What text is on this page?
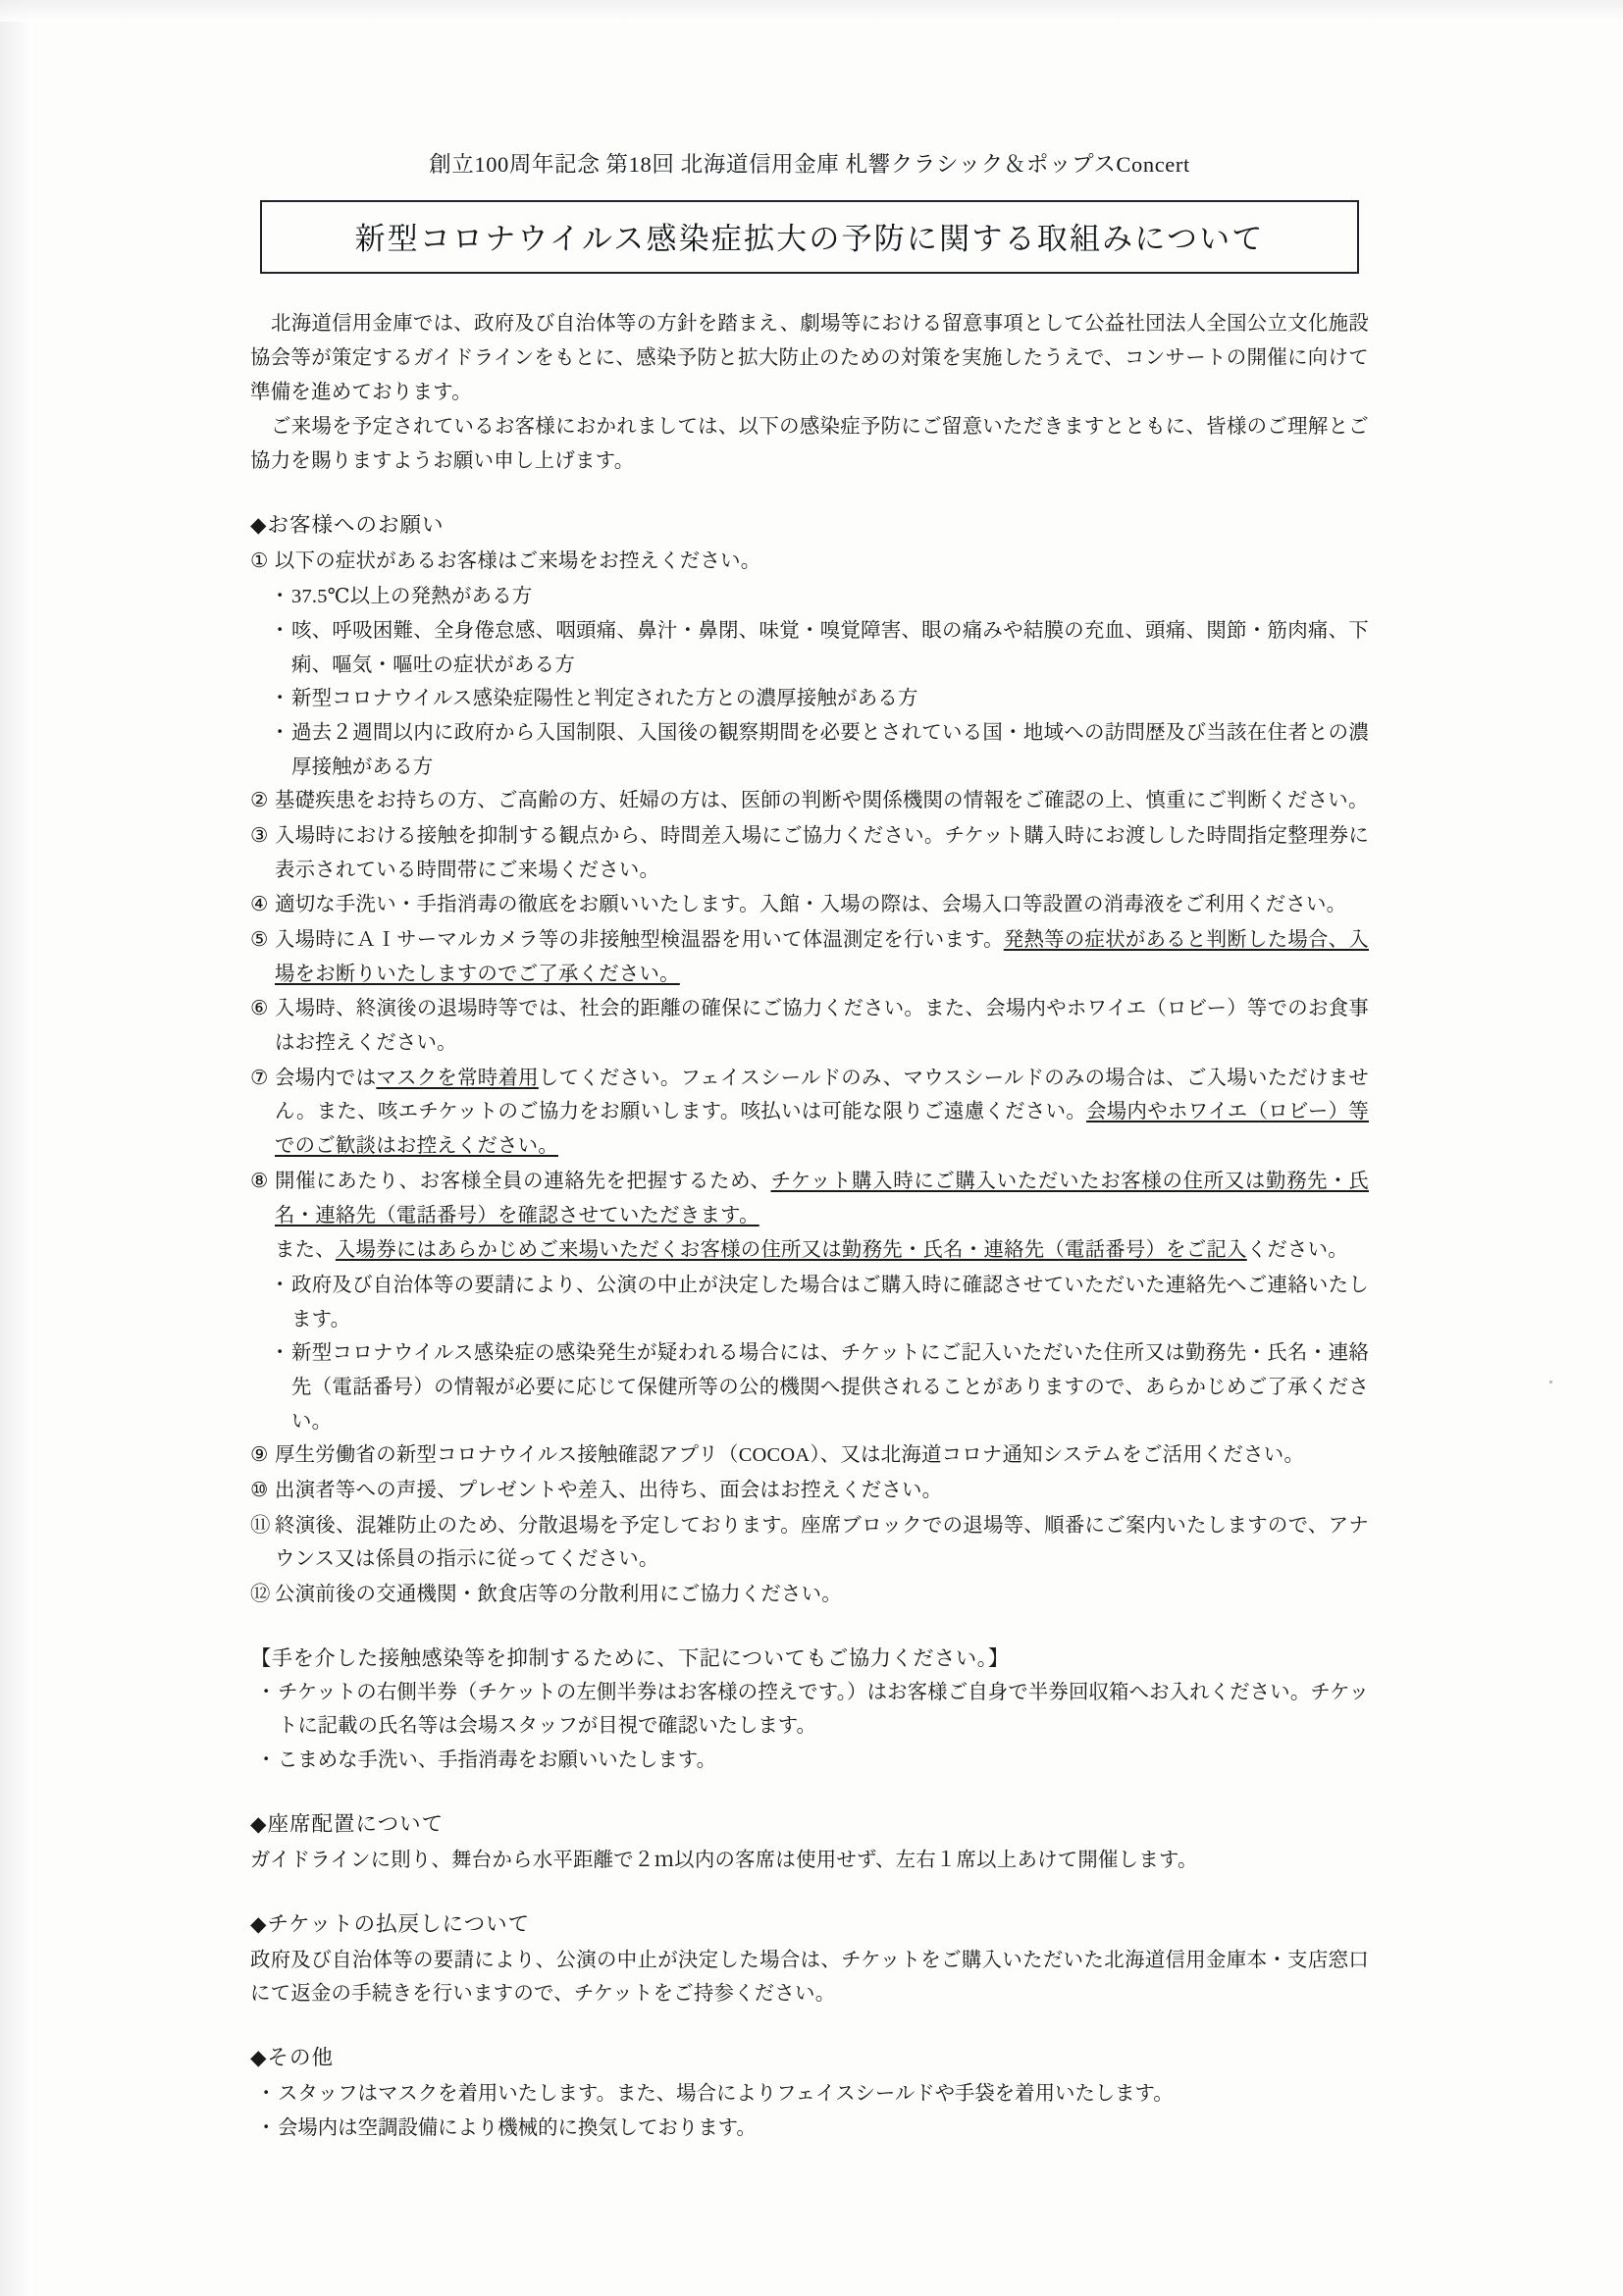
創立100周年記念 第18回 北海道信用金庫 札響クラシック＆ポップスConcert
新型コロナウイルス感染症拡大の予防に関する取組みについて

北海道信用金庫では、政府及び自治体等の方針を踏まえ、劇場等における留意事項として公益社団法人全国公立文化施設協会等が策定するガイドラインをもとに、感染予防と拡大防止のための対策を実施したうえで、コンサートの開催に向けて準備を進めております。

ご来場を予定されているお客様におかれましては、以下の感染症予防にご留意いただきますとともに、皆様のご理解とご協力を賜りますようお願い申し上げます。

◆お客様へのお願い
① 以下の症状があるお客様はご来場をお控えください。
・ 37.5℃以上の発熱がある方
・ 咳、呼吸困難、全身倦怠感、咽頭痛、鼻汁・鼻閉、味覚・嗅覚障害、眼の痛みや結膜の充血、頭痛、関節・筋肉痛、下痢、嘔気・嘔吐の症状がある方
・ 新型コロナウイルス感染症陽性と判定された方との濃厚接触がある方
・ 過去２週間以内に政府から入国制限、入国後の観察期間を必要とされている国・地域への訪問歴及び当該在住者との濃厚接触がある方
② 基礎疾患をお持ちの方、ご高齢の方、妊婦の方は、医師の判断や関係機関の情報をご確認の上、慎重にご判断ください。
③ 入場時における接触を抑制する観点から、時間差入場にご協力ください。チケット購入時にお渡しした時間指定整理券に表示されている時間帯にご来場ください。
④ 適切な手洗い・手指消毒の徹底をお願いいたします。入館・入場の際は、会場入口等設置の消毒液をご利用ください。
⑤ 入場時にＡＩサーマルカメラ等の非接触型検温器を用いて体温測定を行います。発熱等の症状があると判断した場合、入場をお断りいたしますのでご了承ください。
⑥ 入場時、終演後の退場時等では、社会的距離の確保にご協力ください。また、会場内やホワイエ（ロビー）等でのお食事はお控えください。
⑦ 会場内ではマスクを常時着用してください。フェイスシールドのみ、マウスシールドのみの場合は、ご入場いただけません。また、咳エチケットのご協力をお願いします。咳払いは可能な限りご遠慮ください。会場内やホワイエ（ロビー）等でのご歓談はお控えください。
⑧ 開催にあたり、お客様全員の連絡先を把握するため、チケット購入時にご購入いただいたお客様の住所又は勤務先・氏名・連絡先（電話番号）を確認させていただきます。
また、入場券にはあらかじめご来場いただくお客様の住所又は勤務先・氏名・連絡先（電話番号）をご記入ください。
・ 政府及び自治体等の要請により、公演の中止が決定した場合はご購入時に確認させていただいた連絡先へご連絡いたします。
・ 新型コロナウイルス感染症の感染発生が疑われる場合には、チケットにご記入いただいた住所又は勤務先・氏名・連絡先（電話番号）の情報が必要に応じて保健所等の公的機関へ提供されることがありますので、あらかじめご了承ください。
⑨ 厚生労働省の新型コロナウイルス接触確認アプリ（COCOA）、又は北海道コロナ通知システムをご活用ください。
⑩ 出演者等への声援、プレゼントや差入、出待ち、面会はお控えください。
⑪ 終演後、混雑防止のため、分散退場を予定しております。座席ブロックでの退場等、順番にご案内いたしますので、アナウンス又は係員の指示に従ってください。
⑫ 公演前後の交通機関・飲食店等の分散利用にご協力ください。
【手を介した接触感染等を抑制するために、下記についてもご協力ください。】
・ チケットの右側半券（チケットの左側半券はお客様の控えです。）はお客様ご自身で半券回収箱へお入れください。チケットに記載の氏名等は会場スタッフが目視で確認いたします。
・ こまめな手洗い、手指消毒をお願いいたします。
◆座席配置について

ガイドラインに則り、舞台から水平距離で２ｍ以内の客席は使用せず、左右１席以上あけて開催します。

◆チケットの払戻しについて

政府及び自治体等の要請により、公演の中止が決定した場合は、チケットをご購入いただいた北海道信用金庫本・支店窓口にて返金の手続きを行いますので、チケットをご持参ください。

◆その他
・ スタッフはマスクを着用いたします。また、場合によりフェイスシールドや手袋を着用いたします。
・ 会場内は空調設備により機械的に換気しております。
